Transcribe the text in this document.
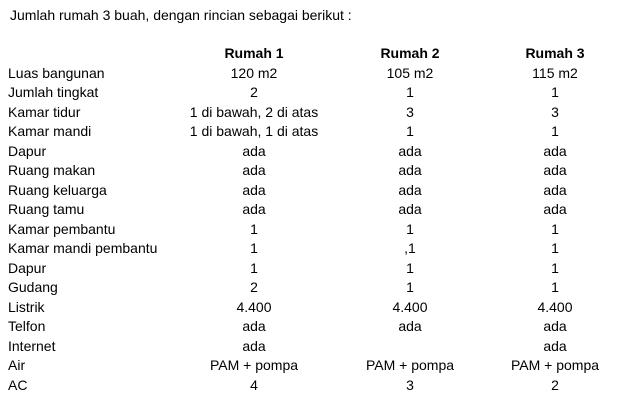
Jumlah rumah 3 buah, dengan rincian sebagai berikut :
	Rumah 1	Rumah 2	Rumah 3
Luas bangunan	120 m2	105 m2	115 m2
Jumlah tingkat	2	1	1
Kamar tidur	1 di bawah, 2 di atas	3	3
Kamar mandi	1 di bawah, 1 di atas	1	1
Dapur	ada	ada	ada
Ruang makan	ada	ada	ada
Ruang keluarga	ada	ada	ada
Ruang tamu	ada	ada	ada
Kamar pembantu	1	1	1
Kamar mandi pembantu	1	,1	1
Dapur	1	1	1
Gudang	2	1	1
Listrik	4.400	4.400	4.400
Telfon	ada	ada	ada
Internet	ada		ada
Air	PAM + pompa	PAM + pompa	PAM + pompa
AC	4	3	2
